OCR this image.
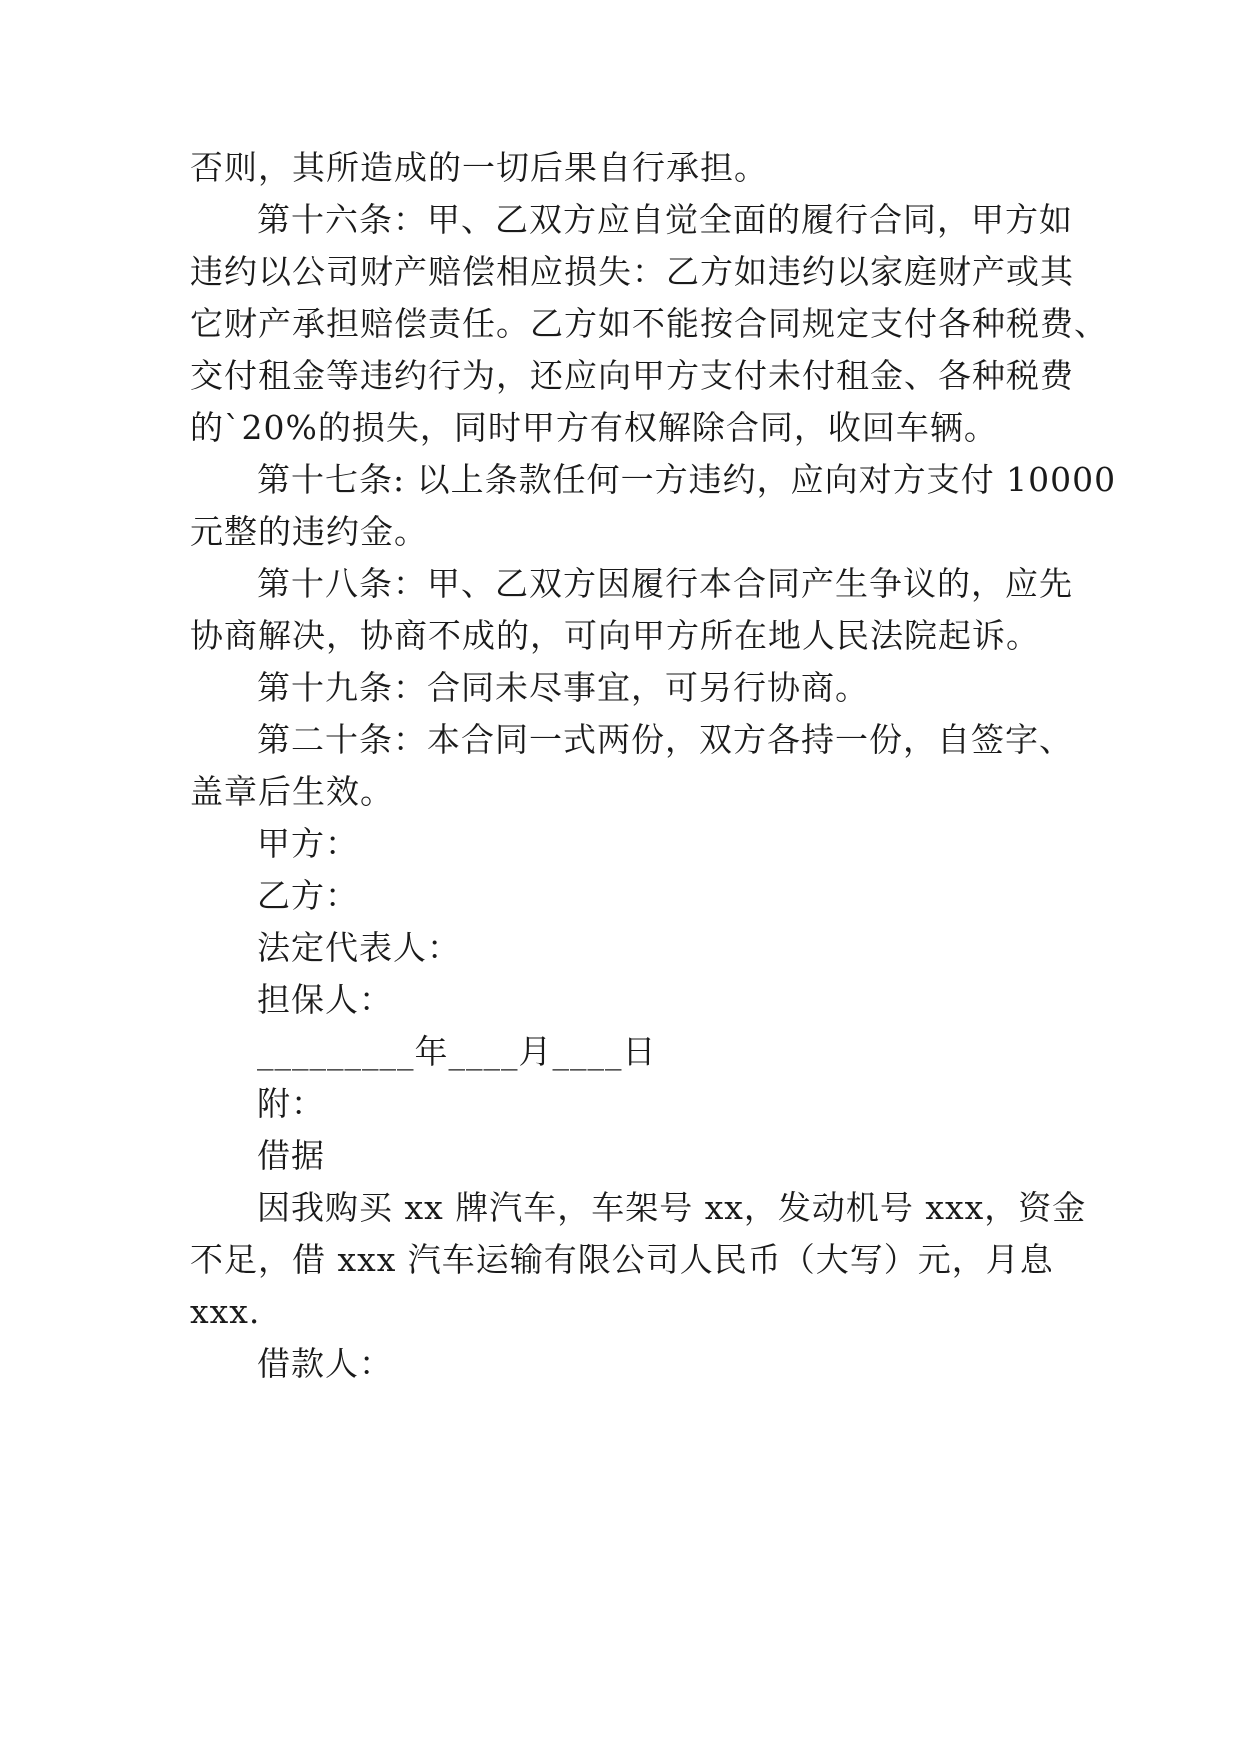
否则，其所造成的一切后果自行承担。
第十六条：甲、乙双方应自觉全面的履行合同，甲方如
违约以公司财产赔偿相应损失：乙方如违约以家庭财产或其
它财产承担赔偿责任。乙方如不能按合同规定支付各种税费、
交付租金等违约行为，还应向甲方支付未付租金、各种税费
的`20%的损失，同时甲方有权解除合同，收回车辆。
第十七条: 以上条款任何一方违约，应向对方支付 10000
元整的违约金。
第十八条：甲、乙双方因履行本合同产生争议的，应先
协商解决，协商不成的，可向甲方所在地人民法院起诉。
第十九条：合同未尽事宜，可另行协商。
第二十条：本合同一式两份，双方各持一份，自签字、
盖章后生效。
甲方：
乙方：
法定代表人：
担保人：
_________年____月____日
附：
借据
因我购买 xx 牌汽车，车架号 xx，发动机号 xxx，资金
不足，借 xxx 汽车运输有限公司人民币（大写）元，月息
xxx.
借款人：
